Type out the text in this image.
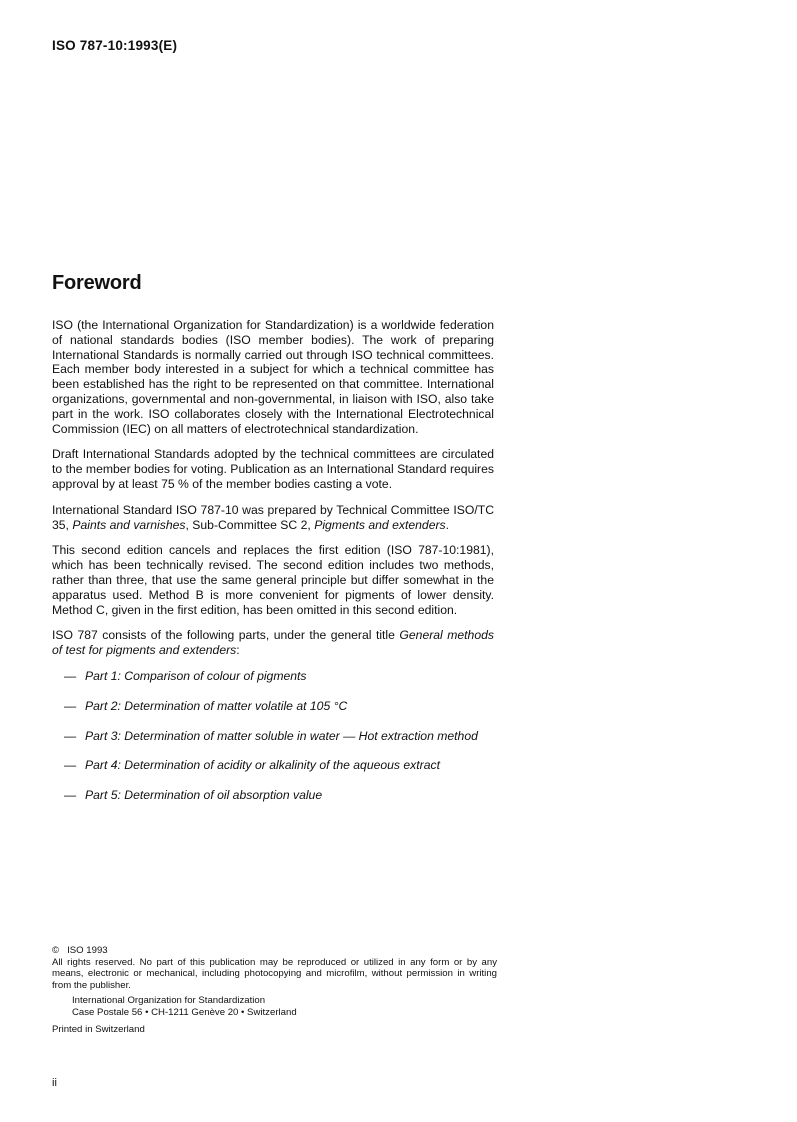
ISO 787-10:1993(E)
Foreword

ISO (the International Organization for Standardization) is a worldwide federation of national standards bodies (ISO member bodies). The work of preparing International Standards is normally carried out through ISO technical committees. Each member body interested in a subject for which a technical committee has been established has the right to be represented on that committee. International organizations, governmental and non-governmental, in liaison with ISO, also take part in the work. ISO collaborates closely with the International Electrotechnical Commission (IEC) on all matters of electrotechnical standardization.

Draft International Standards adopted by the technical committees are circulated to the member bodies for voting. Publication as an International Standard requires approval by at least 75 % of the member bodies casting a vote.

International Standard ISO 787-10 was prepared by Technical Committee ISO/TC 35, Paints and varnishes, Sub-Committee SC 2, Pigments and extenders.

This second edition cancels and replaces the first edition (ISO 787-10:1981), which has been technically revised. The second edition includes two methods, rather than three, that use the same general principle but differ somewhat in the apparatus used. Method B is more convenient for pigments of lower density. Method C, given in the first edition, has been omitted in this second edition.

ISO 787 consists of the following parts, under the general title General methods of test for pigments and extenders:

— Part 1: Comparison of colour of pigments
— Part 2: Determination of matter volatile at 105 °C
— Part 3: Determination of matter soluble in water — Hot extraction method
— Part 4: Determination of acidity or alkalinity of the aqueous extract
— Part 5: Determination of oil absorption value

© ISO 1993

All rights reserved. No part of this publication may be reproduced or utilized in any form or by any means, electronic or mechanical, including photocopying and microfilm, without permission in writing from the publisher.

International Organization for Standardization

Case Postale 56 • CH-1211 Genève 20 • Switzerland

Printed in Switzerland

ii
